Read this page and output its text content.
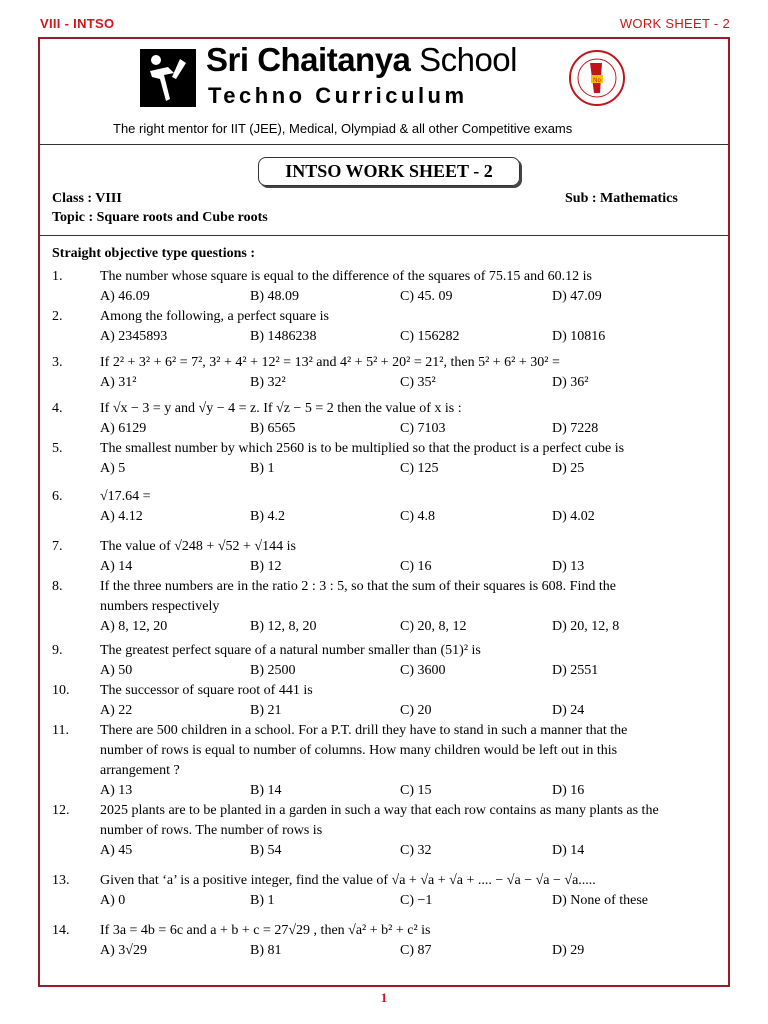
VIII - INTSO	WORK SHEET - 2
Sri Chaitanya School
Techno Curriculum
The right mentor for IIT (JEE), Medical, Olympiad & all other Competitive exams
No
INTSO WORK SHEET - 2
Class : VIII	Sub : Mathematics
Topic : Square roots and Cube roots
Straight objective type questions :
1.	The number whose square is equal to the difference of the squares of 75.15 and 60.12 is
A) 46.09	B) 48.09	C) 45. 09	D) 47.09
2.	Among the following, a perfect square is
A) 2345893	B) 1486238	C) 156282	D) 10816
3.	If 2² + 3² + 6² = 7², 3² + 4² + 12² = 13² and 4² + 5² + 20² = 21², then 5² + 6² + 30² =
A) 31²	B) 32²	C) 35²	D) 36²
4.	If √x − 3 = y and √y − 4 = z. If √z − 5 = 2 then the value of x is :
A) 6129	B) 6565	C) 7103	D) 7228
5.	The smallest number by which 2560 is to be multiplied so that the product is a perfect cube is
A) 5	B) 1	C) 125	D) 25
6.	√17.64 =
A) 4.12	B) 4.2	C) 4.8	D) 4.02
7.	The value of √248 + √52 + √144 is
A) 14	B) 12	C) 16	D) 13
8.	If the three numbers are in the ratio 2 : 3 : 5, so that the sum of their squares is 608. Find the
numbers respectively
A) 8, 12, 20	B) 12, 8, 20	C) 20, 8, 12	D) 20, 12, 8
9.	The greatest perfect square of a natural number smaller than (51)² is
A) 50	B) 2500	C) 3600	D) 2551
10. The successor of square root of 441 is
A) 22	B) 21	C) 20	D) 24
11. There are 500 children in a school. For a P.T. drill they have to stand in such a manner that the
number of rows is equal to number of columns. How many children would be left out in this
arrangement ?
A) 13	B) 14	C) 15	D) 16
12. 2025 plants are to be planted in a garden in such a way that each row contains as many plants as the
number of rows. The number of rows is
A) 45	B) 54	C) 32	D) 14
13. Given that ‘a’ is a positive integer, find the value of √a + √a + √a + .... − √a − √a − √a.....
A) 0	B) 1	C) −1	D) None of these
14. If 3a = 4b = 6c and a + b + c = 27√29 , then √a² + b² + c² is
A) 3√29	B) 81	C) 87	D) 29
1
